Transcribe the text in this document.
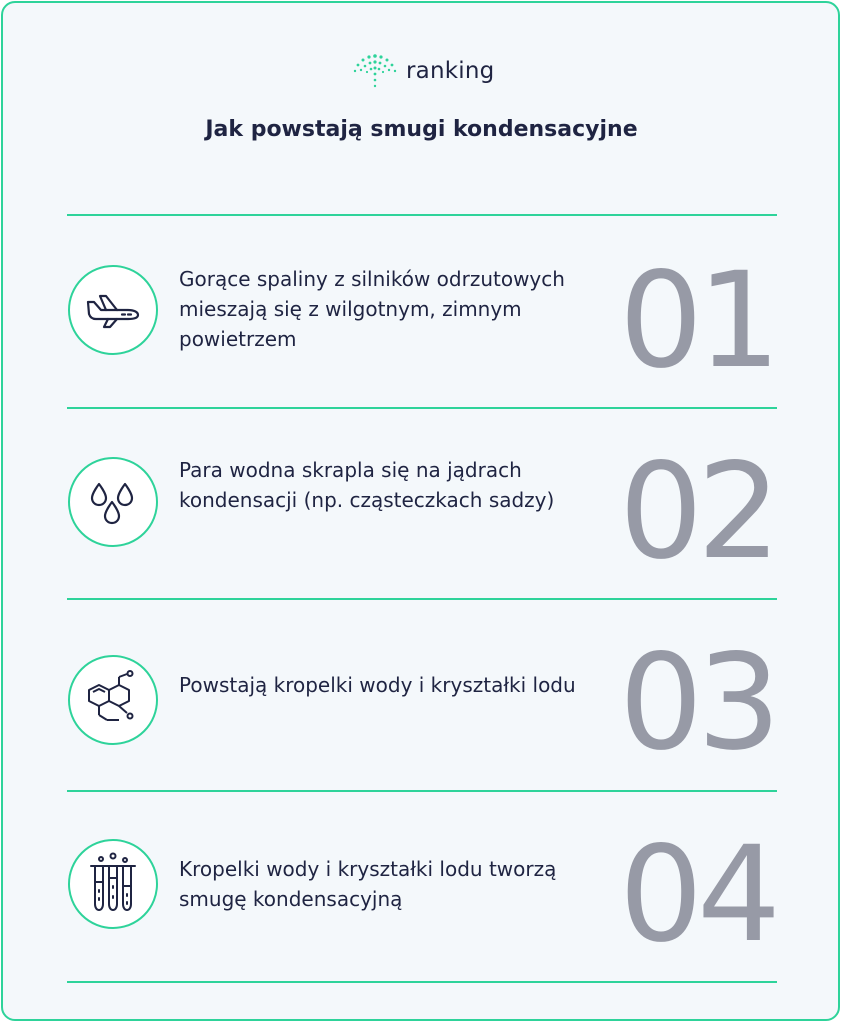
ranking
Jak powstają smugi kondensacyjne
Gorące spaliny z silników odrzutowych mieszają się z wilgotnym, zimnym powietrzem	01
Para wodna skrapla się na jądrach kondensacji (np. cząsteczkach sadzy) 02
Powstają kropelki wody i kryształki lodu 03
Kropelki wody i kryształki lodu tworzą smugę kondensacyjną	04
